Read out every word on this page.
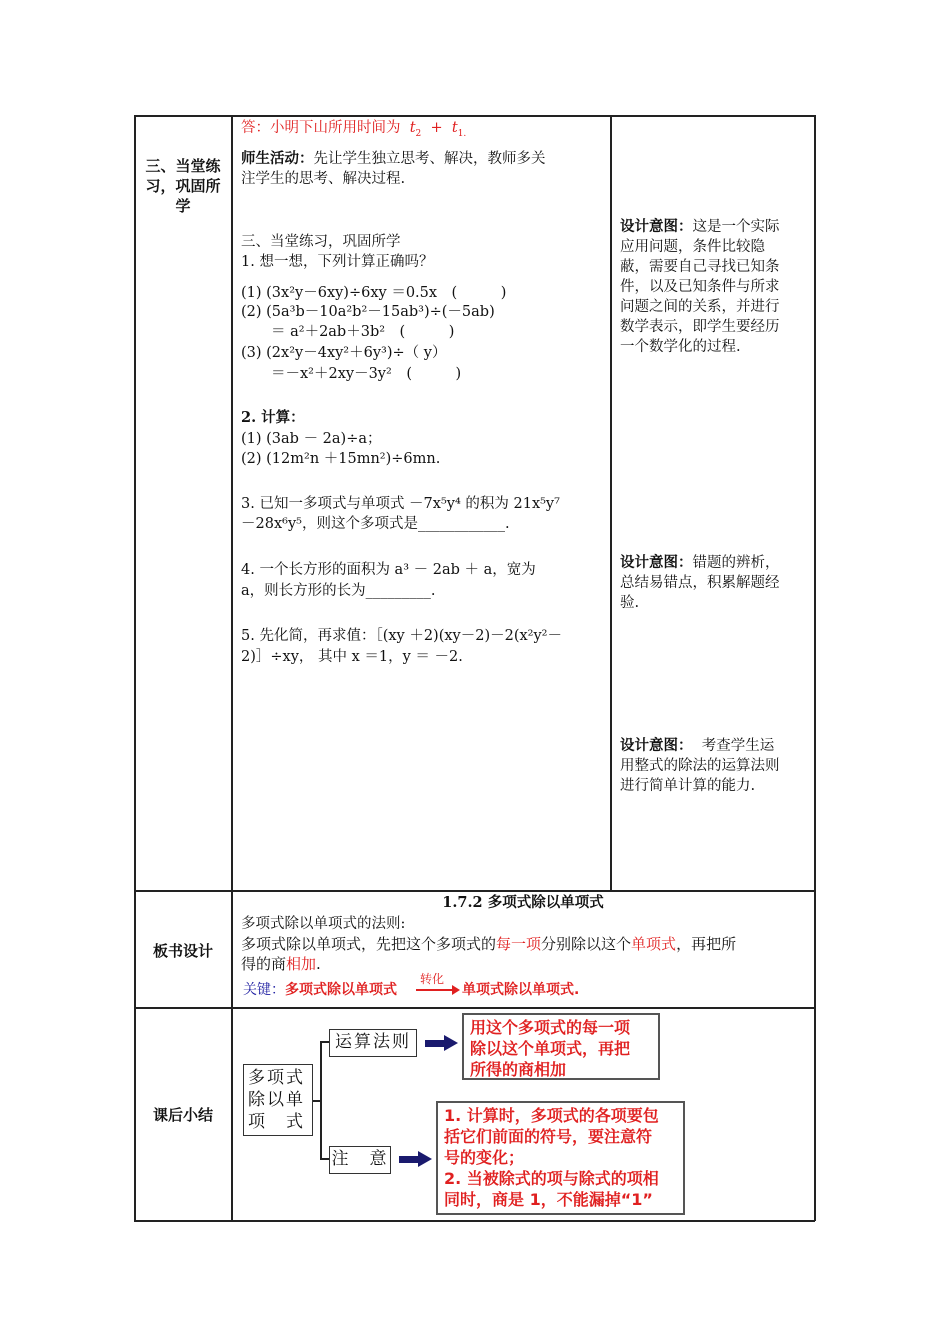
三、当堂练习，巩固所学
板书设计
课后小结
答：小明下山所用时间为 $t_2 + t_{1.}$
师生活动：先让学生独立思考、解决，教师多关
注学生的思考、解决过程.
三、当堂练习，巩固所学
1. 想一想，下列计算正确吗？
(1) (3x²y－6xy)÷6xy ＝0.5x　(　　　)
(2) (5a³b－10a²b²－15ab³)÷(－5ab)
＝ a²＋2ab＋3b²　(　　　)
(3) (2x²y－4xy²＋6y³)÷（ y）
＝－x²＋2xy－3y²　(　　　)
2. 计算：
(1) (3ab － 2a)÷a；
(2) (12m²n ＋15mn²)÷6mn.
3. 已知一多项式与单项式 －7x⁵y⁴ 的积为 21x⁵y⁷
－28x⁶y⁵，则这个多项式是____________.
4. 一个长方形的面积为 a³ － 2ab ＋ a，宽为
a，则长方形的长为_________.
5. 先化简，再求值：［(xy ＋2)(xy－2)－2(x²y²－
2)］÷xy， 其中 x ＝1，y ＝ －2.
设计意图：这是一个实际
应用问题，条件比较隐
蔽，需要自己寻找已知条
件，以及已知条件与所求
问题之间的关系，并进行
数学表示，即学生要经历
一个数学化的过程.
设计意图：错题的辨析，
总结易错点，积累解题经
验.
设计意图： 考查学生运
用整式的除法的运算法则
进行简单计算的能力.
1.7.2 多项式除以单项式
多项式除以单项式的法则:
多项式除以单项式，先把这个多项式的每一项分别除以这个单项式，再把所
得的商相加.
关键：多项式除以单项式
转化
单项式除以单项式.
多项式
除以单
项　式
运算法则
注　意
用这个多项式的每一项
除以这个单项式，再把
所得的商相加
1. 计算时，多项式的各项要包
括它们前面的符号，要注意符
号的变化；
2. 当被除式的项与除式的项相
同时，商是 1，不能漏掉“1”
